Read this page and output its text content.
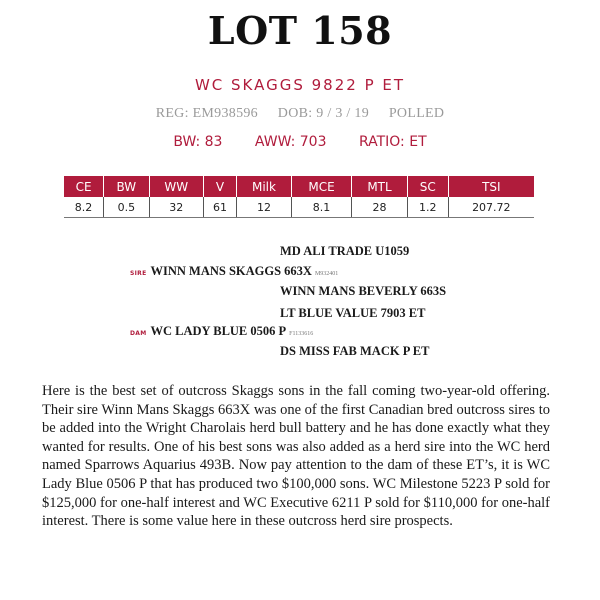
LOT 158
WC SKAGGS 9822 P ET
REG: EM938596 DOB: 9 / 3 / 19 POLLED
BW: 83 AWW: 703 RATIO: ET
CE	BW	WW	V	Milk	MCE	MTL	SC	TSI
8.2	0.5	32	61	12	8.1	28	1.2	207.72
MD ALI TRADE U1059
SIRE WINN MANS SKAGGS 663X M932401
WINN MANS BEVERLY 663S
LT BLUE VALUE 7903 ET
DAM WC LADY BLUE 0506 P F1133616
DS MISS FAB MACK P ET
Here is the best set of outcross Skaggs sons in the fall coming two-year-old offering. Their sire Winn Mans Skaggs 663X was one of the first Canadian bred outcross sires to be added into the Wright Charolais herd bull battery and he has done exactly what they wanted for results. One of his best sons was also added as a herd sire into the WC herd named Sparrows Aquarius 493B. Now pay attention to the dam of these ET’s, it is WC Lady Blue 0506 P that has produced two $100,000 sons. WC Milestone 5223 P sold for $125,000 for one-half interest and WC Executive 6211 P sold for $110,000 for one-half interest. There is some value here in these outcross herd sire prospects.
